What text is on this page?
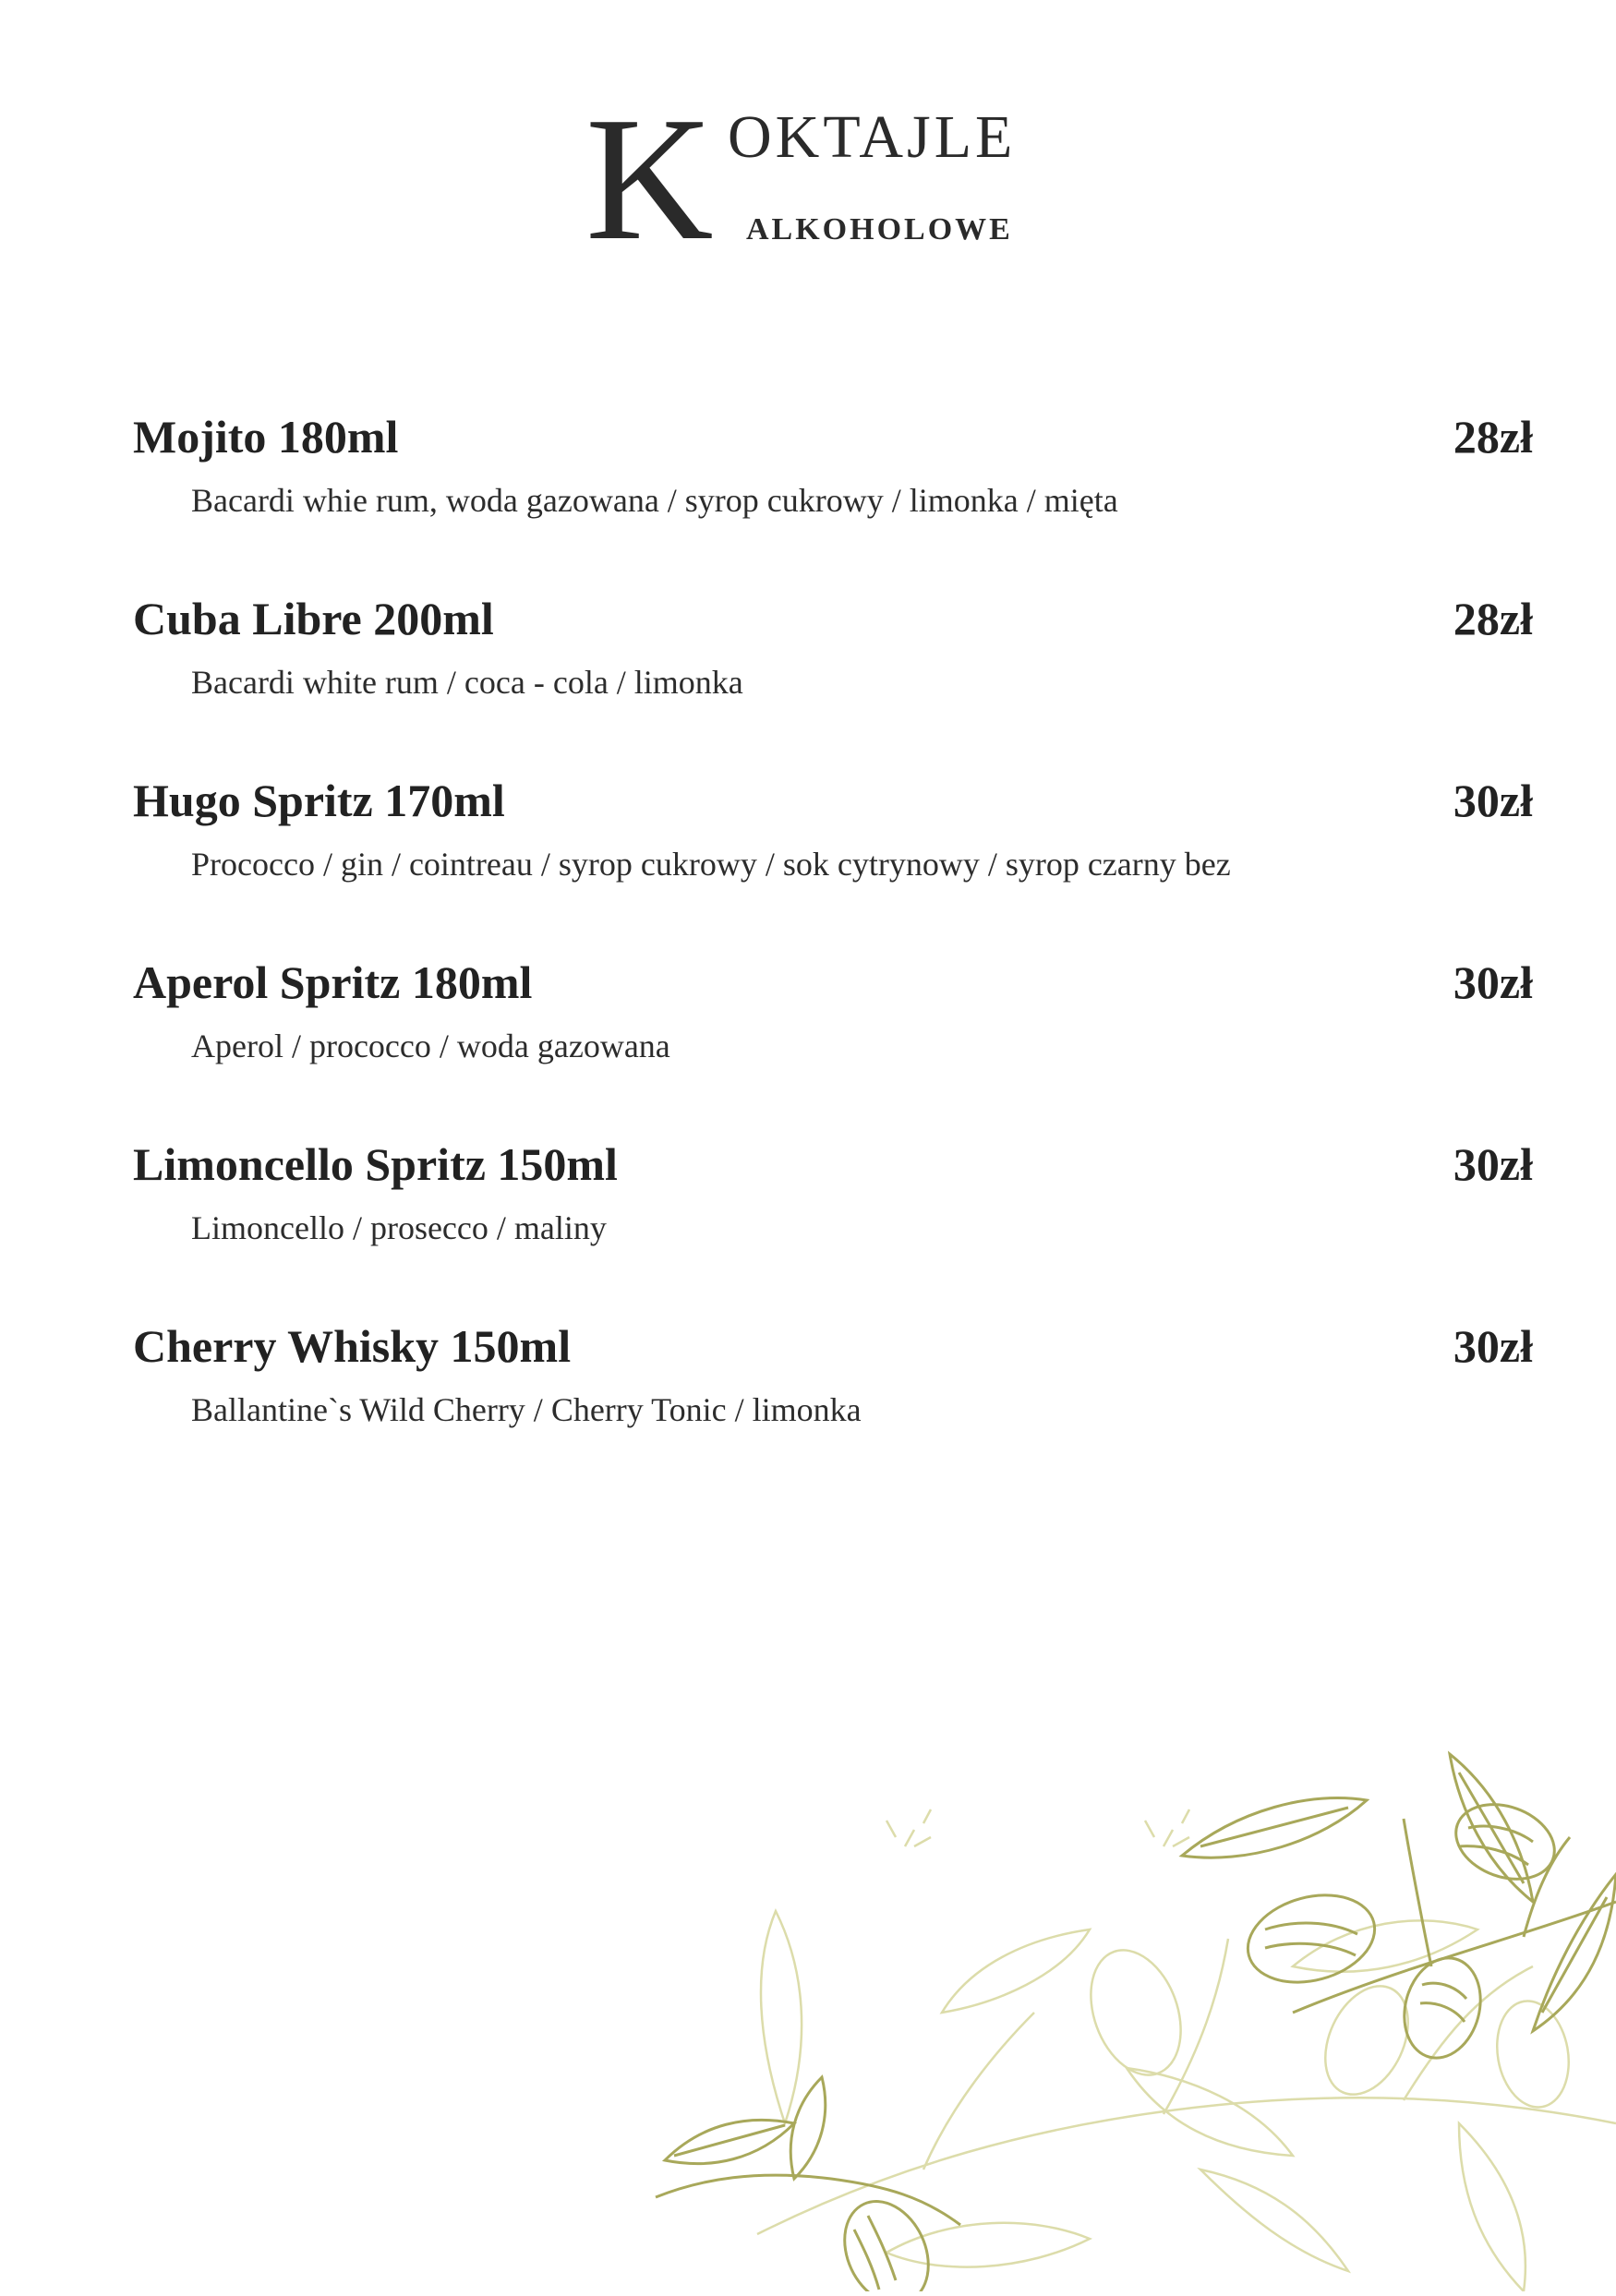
K OKTAJLE
ALKOHOLOWE
Mojito 180ml	28zł
Bacardi whie rum, woda gazowana / syrop cukrowy / limonka / mięta
Cuba Libre 200ml	28zł
Bacardi white rum / coca - cola / limonka
Hugo Spritz 170ml	30zł
Prococco / gin / cointreau / syrop cukrowy / sok cytrynowy / syrop czarny bez
Aperol Spritz 180ml	30zł
Aperol / prococco / woda gazowana
Limoncello Spritz 150ml	30zł
Limoncello / prosecco / maliny
Cherry Whisky 150ml	30zł
Ballantine`s Wild Cherry / Cherry Tonic / limonka
